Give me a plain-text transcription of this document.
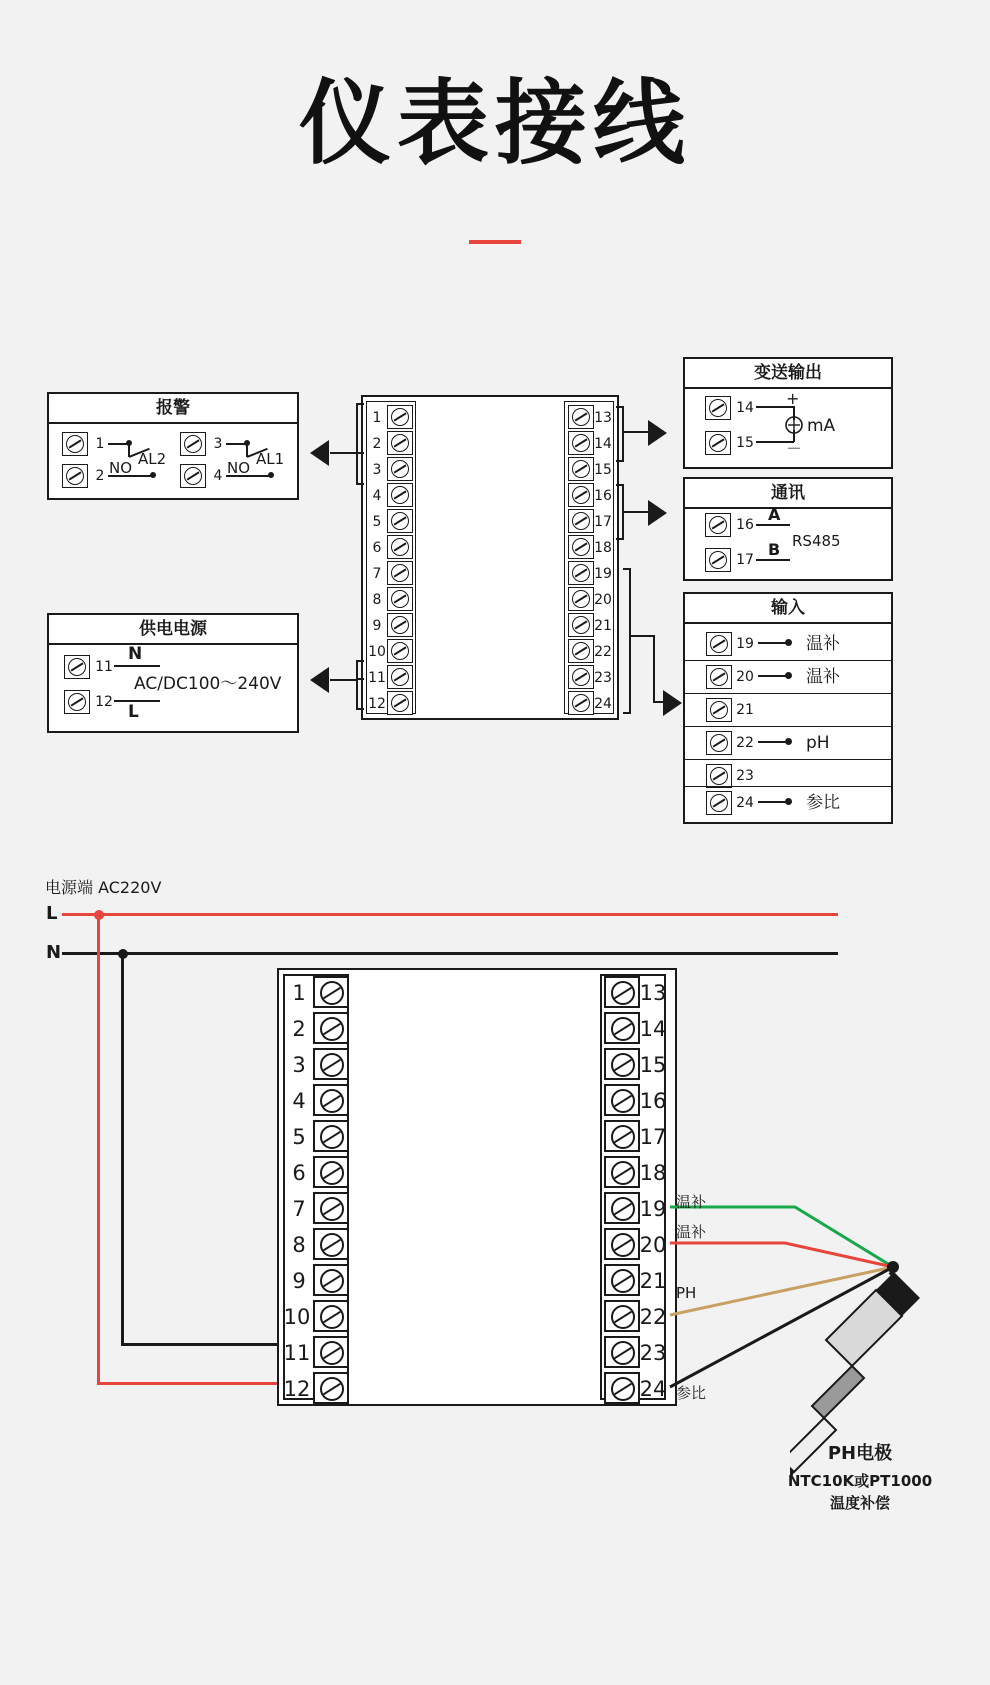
仪表接线
报警
1
2 NO AL2
3
4 NO AL1
供电电源
11
12
N
L
AC/DC100～240V
1
2
3
4
5
6
7
8
9
10
11
12
13
14
15
16
17
18
19
20
21
22
23
24
变送输出
14
15
+
－
mA
通讯
16
17
A
B RS485
输入
19	温补
20	温补
21
22	pH
23
24	参比
电源端 AC220V
L
N
1
2
3
4
5
6
7
8
9
10
11
12
13
14
15
16
17
18
19
20
21
22
23
24
温补
温补
PH
参比
PH电极
NTC10K或PT1000
温度补偿
